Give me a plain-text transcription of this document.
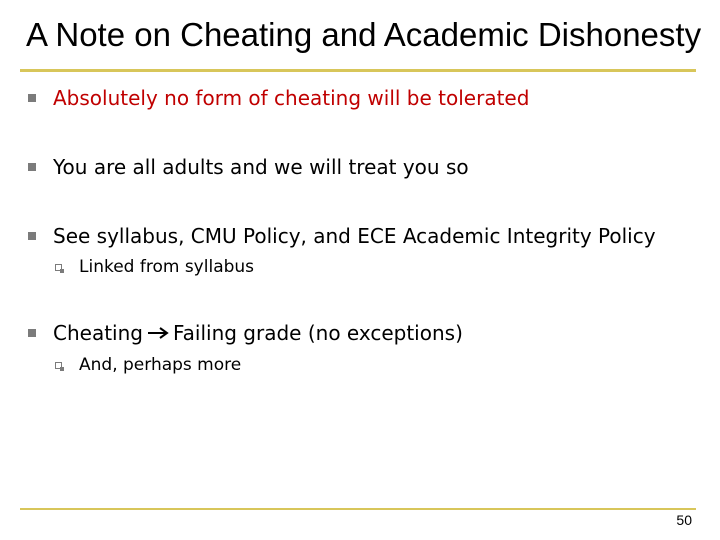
A Note on Cheating and Academic Dishonesty
Absolutely no form of cheating will be tolerated
You are all adults and we will treat you so
See syllabus, CMU Policy, and ECE Academic Integrity Policy
Linked from syllabus
Cheating Failing grade (no exceptions)
And, perhaps more
50
